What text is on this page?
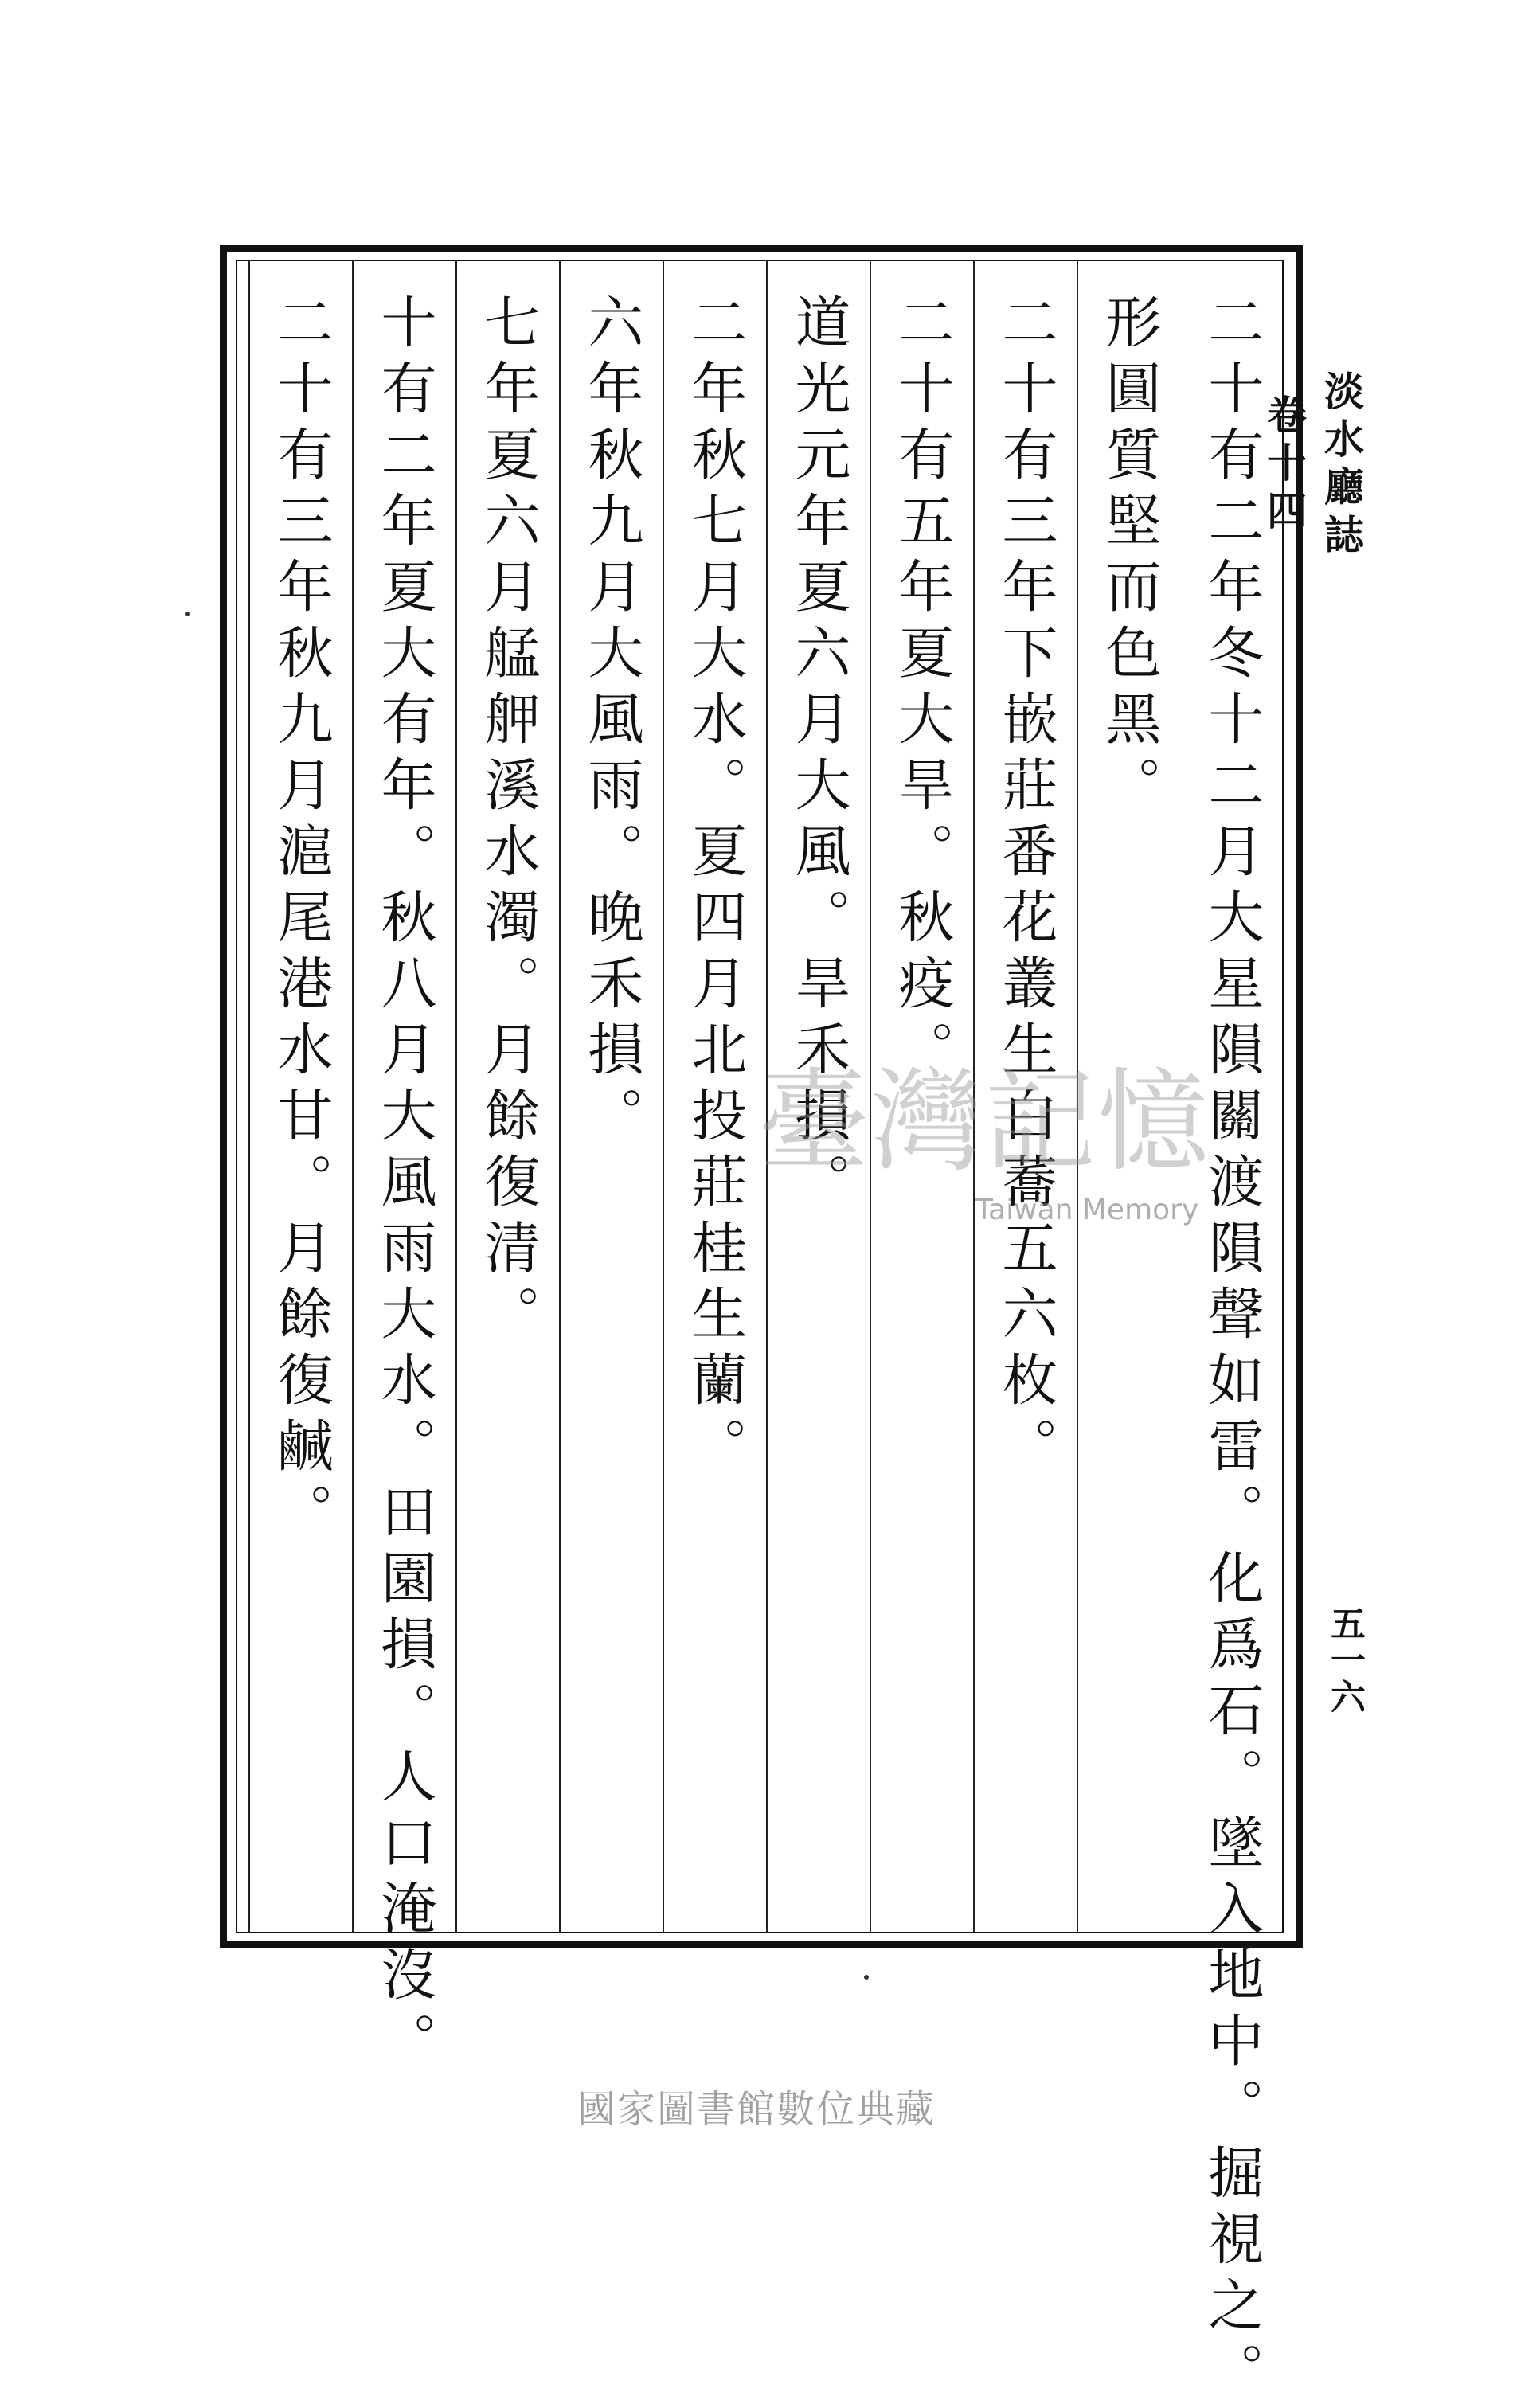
淡水廳誌 卷十四
五一六
二十有二年冬十二月大星隕關渡隕聲如雷。化爲石。墜入地中。掘視之。
形圓質堅而色黑。
二十有三年下嵌莊番花叢生白蕎五六枚。
二十有五年夏大旱。秋疫。
道光元年夏六月大風。旱禾損。
二年秋七月大水。夏四月北投莊桂生蘭。
六年秋九月大風雨。晚禾損。
七年夏六月艋舺溪水濁。月餘復清。
十有二年夏大有年。秋八月大風雨大水。田園損。人口淹沒。
二十有三年秋九月滬尾港水甘。月餘復鹹。	臺灣記憶
Taiwan Memory
國家圖書館數位典藏
